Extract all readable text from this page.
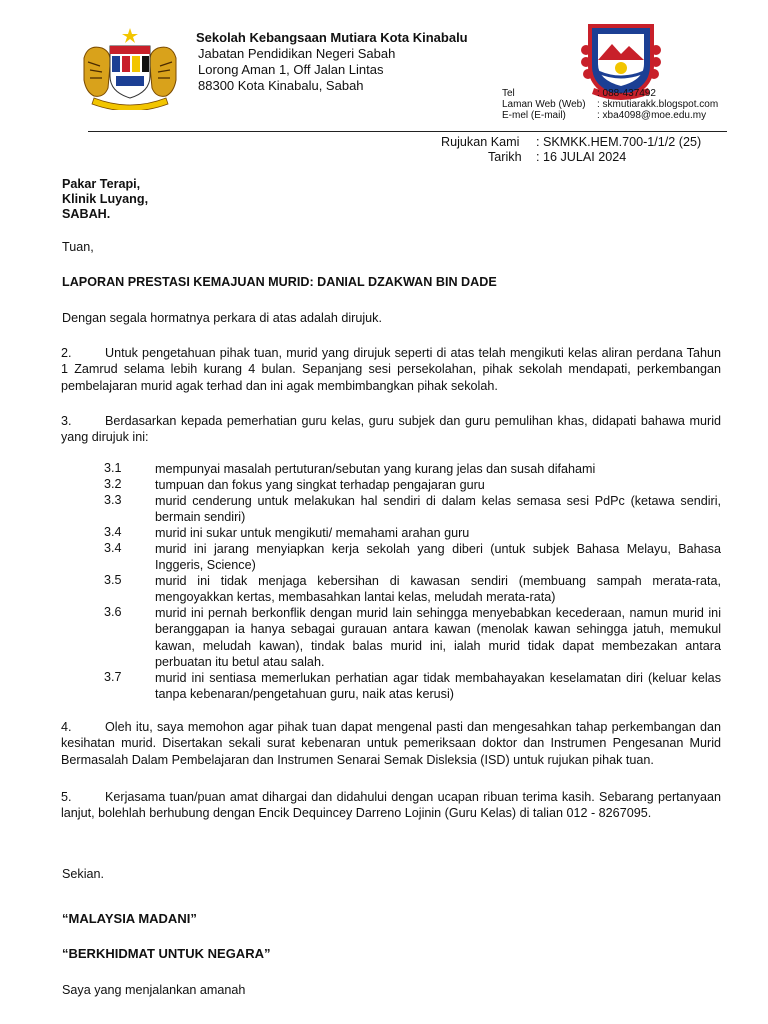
Sekolah Kebangsaan Mutiara Kota Kinabalu
Jabatan Pendidikan Negeri Sabah
Lorong Aman 1, Off Jalan Lintas
88300 Kota Kinabalu, Sabah
Tel	: 088-437492
Laman Web (Web) : skmutiarakk.blogspot.com
E-mel (E-mail)	: xba4098@moe.edu.my
Rujukan Kami : SKMKK.HEM.700-1/1/2 (25)
Tarikh : 16 JULAI 2024
Pakar Terapi,
Klinik Luyang,
SABAH.
Tuan,
LAPORAN PRESTASI KEMAJUAN MURID: DANIAL DZAKWAN BIN DADE
Dengan segala hormatnya perkara di atas adalah dirujuk.
2.	Untuk pengetahuan pihak tuan, murid yang dirujuk seperti di atas telah mengikuti kelas aliran perdana Tahun 1 Zamrud selama lebih kurang 4 bulan. Sepanjang sesi persekolahan, pihak sekolah mendapati, perkembangan pembelajaran murid agak terhad dan ini agak membimbangkan pihak sekolah.
3.	Berdasarkan kepada pemerhatian guru kelas, guru subjek dan guru pemulihan khas, didapati bahawa murid yang dirujuk ini:
3.1	mempunyai masalah pertuturan/sebutan yang kurang jelas dan susah difahami
3.2	tumpuan dan fokus yang singkat terhadap pengajaran guru
3.3	murid cenderung untuk melakukan hal sendiri di dalam kelas semasa sesi PdPc (ketawa sendiri, bermain sendiri)
3.4	murid ini sukar untuk mengikuti/ memahami arahan guru
3.4	murid ini jarang menyiapkan kerja sekolah yang diberi (untuk subjek Bahasa Melayu, Bahasa Inggeris, Science)
3.5	murid ini tidak menjaga kebersihan di kawasan sendiri (membuang sampah merata-rata, mengoyakkan kertas, membasahkan lantai kelas, meludah merata-rata)
3.6	murid ini pernah berkonflik dengan murid lain sehingga menyebabkan kecederaan, namun murid ini beranggapan ia hanya sebagai gurauan antara kawan (menolak kawan sehingga jatuh, memukul kawan, meludah kawan), tindak balas murid ini, ialah murid tidak dapat membezakan antara perbuatan itu betul atau salah.
3.7	murid ini sentiasa memerlukan perhatian agar tidak membahayakan keselamatan diri (keluar kelas tanpa kebenaran/pengetahuan guru, naik atas kerusi)
4.	Oleh itu, saya memohon agar pihak tuan dapat mengenal pasti dan mengesahkan tahap perkembangan dan kesihatan murid. Disertakan sekali surat kebenaran untuk pemeriksaan doktor dan Instrumen Pengesanan Murid Bermasalah Dalam Pembelajaran dan Instrumen Senarai Semak Disleksia (ISD) untuk rujukan pihak tuan.
5.	Kerjasama tuan/puan amat dihargai dan didahului dengan ucapan ribuan terima kasih. Sebarang pertanyaan lanjut, bolehlah berhubung dengan Encik Dequincey Darreno Lojinin (Guru Kelas) di talian 012 - 8267095.
Sekian.
“MALAYSIA MADANI”
“BERKHIDMAT UNTUK NEGARA”
Saya yang menjalankan amanah
